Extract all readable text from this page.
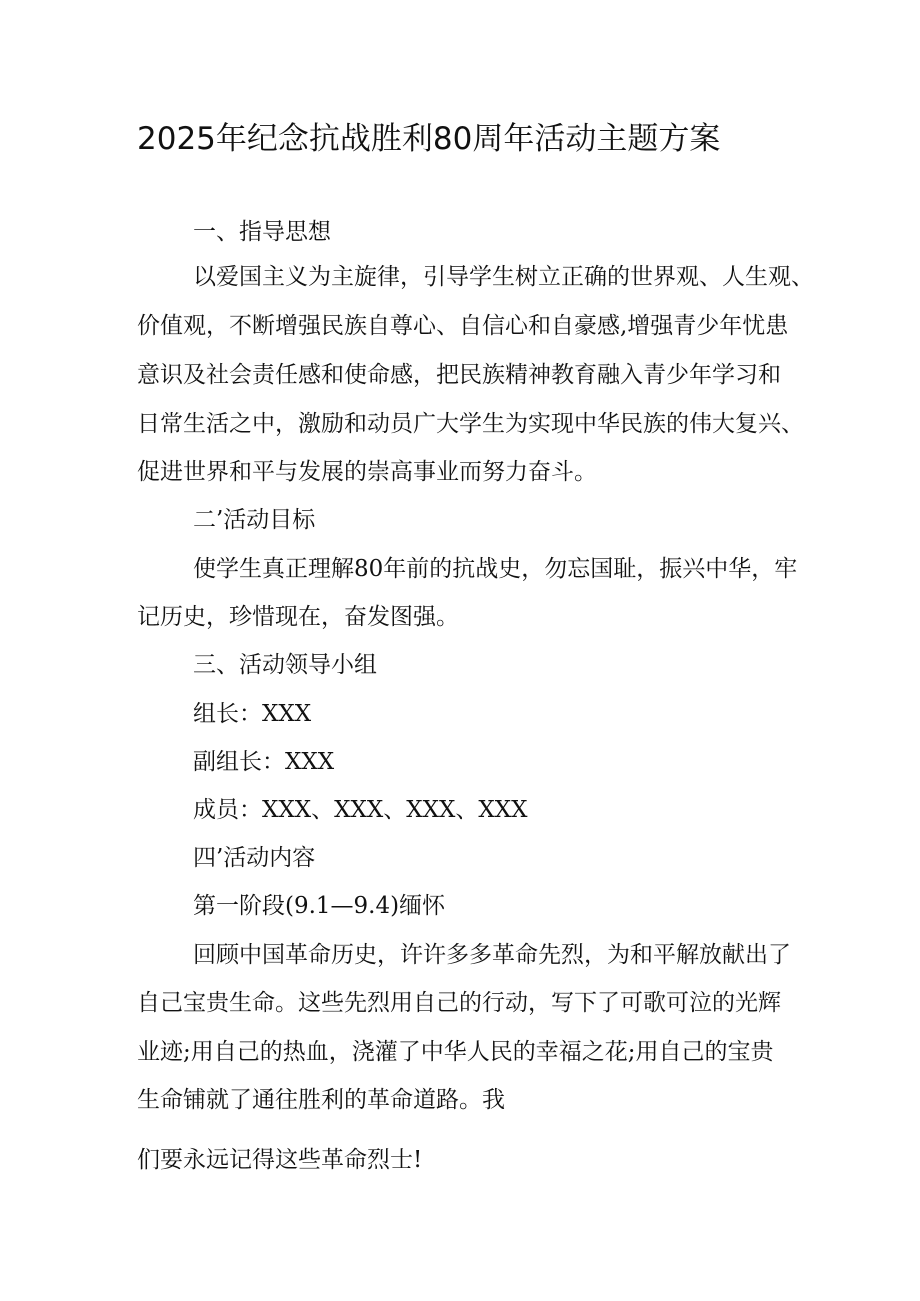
2025年纪念抗战胜利80周年活动主题方案

一、指导思想

以爱国主义为主旋律，引导学生树立正确的世界观、人生观、

价值观，不断增强民族自尊心、自信心和自豪感,增强青少年忧患

意识及社会责任感和使命感，把民族精神教育融入青少年学习和

日常生活之中，激励和动员广大学生为实现中华民族的伟大复兴、

促进世界和平与发展的崇高事业而努力奋斗。

二’活动目标

使学生真正理解80年前的抗战史，勿忘国耻，振兴中华，牢

记历史，珍惜现在，奋发图强。

三、活动领导小组

组长：XXX

副组长：XXX

成员：XXX、XXX、XXX、XXX

四’活动内容

第一阶段(9.1—9.4)缅怀

回顾中国革命历史，许许多多革命先烈，为和平解放献出了

自己宝贵生命。这些先烈用自己的行动，写下了可歌可泣的光辉

业迹;用自己的热血，浇灌了中华人民的幸福之花;用自己的宝贵

生命铺就了通往胜利的革命道路。我

们要永远记得这些革命烈士!
